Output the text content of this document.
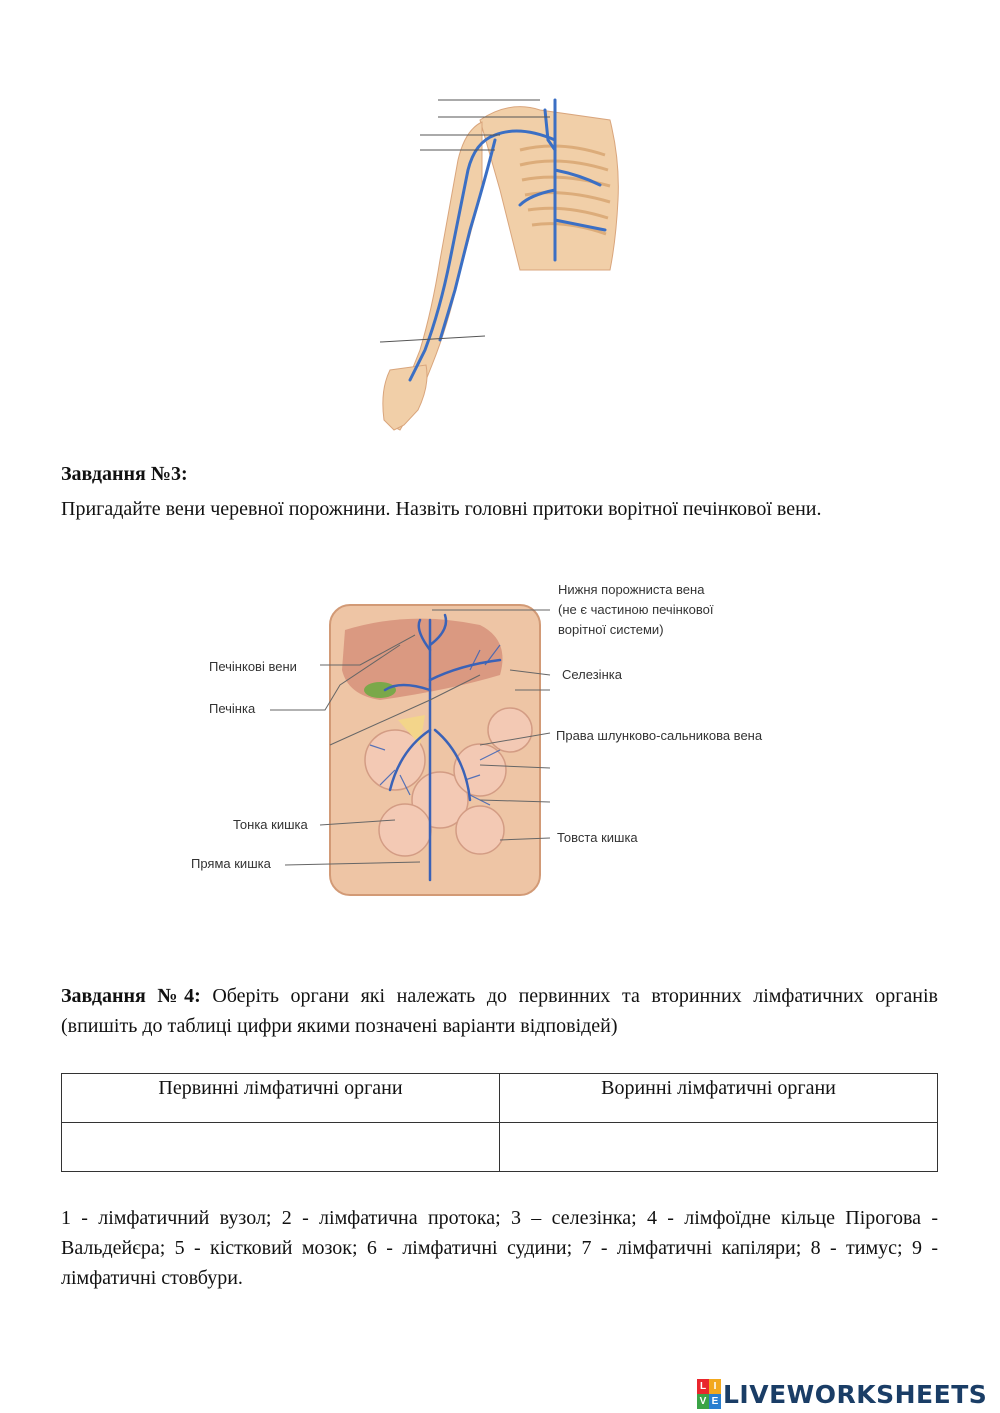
Завдання №3:
Пригадайте вени черевної порожнини. Назвіть головні притоки ворітної печінкової вени.
Нижня порожниста вена
(не є частиною печінкової
ворітної системи)
Печінкові вени
Печінка
Селезінка
Права шлунково-сальникова вена
Тонка кишка
Пряма кишка
Товста кишка
Завдання №4: Оберіть органи які належать до первинних та вторинних лімфатичних органів (впишіть до таблиці цифри якими позначені варіанти відповідей)
Первинні лімфатичні органи	Воринні лімфатичні органи

1 - лімфатичний вузол; 2 - лімфатична протока; 3 – селезінка; 4 - лімфоїдне кільце Пірогова - Вальдейєра; 5 - кістковий мозок; 6 - лімфатичні судини; 7 - лімфатичні капіляри; 8 - тимус; 9 - лімфатичні стовбури.
L I
V E LIVEWORKSHEETS
